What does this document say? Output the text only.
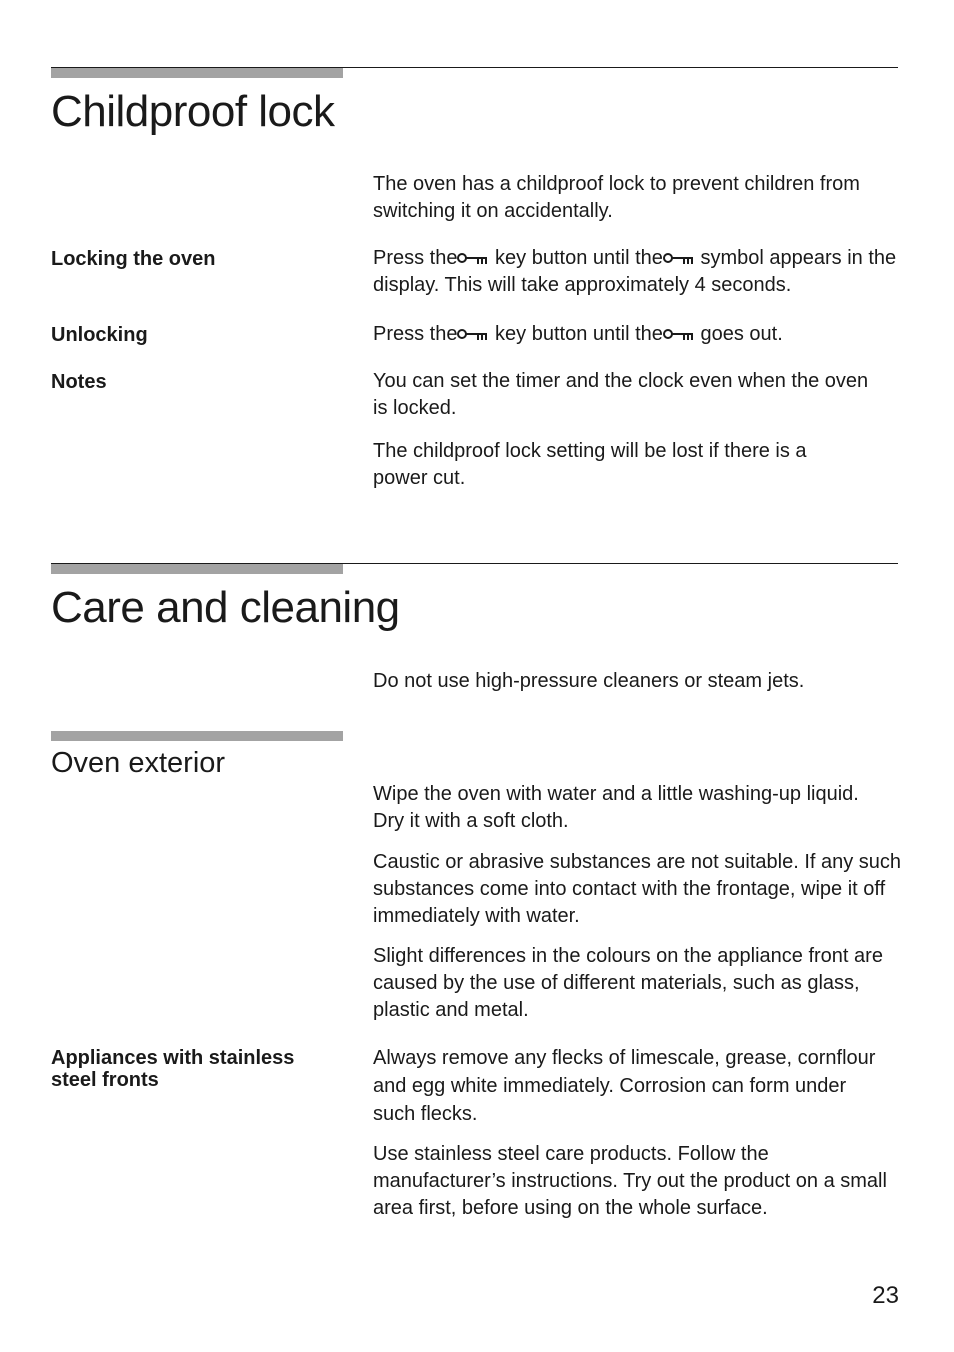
Childproof lock
The oven has a childproof lock to prevent children from switching it on accidentally.
Locking the oven	Press the key button until the symbol appears in the display. This will take approximately 4 seconds.
Unlocking	Press the key button until the goes out.
Notes	You can set the timer and the clock even when the oven is locked.
The childproof lock setting will be lost if there is a power cut.
Care and cleaning
Do not use high-pressure cleaners or steam jets.
Oven exterior
Wipe the oven with water and a little washing-up liquid. Dry it with a soft cloth.
Caustic or abrasive substances are not suitable. If any such substances come into contact with the frontage, wipe it off immediately with water.
Slight differences in the colours on the appliance front are caused by the use of different materials, such as glass, plastic and metal.
Appliances with stainless steel fronts
Always remove any flecks of limescale, grease, cornflour and egg white immediately. Corrosion can form under such flecks.
Use stainless steel care products. Follow the manufacturer’s instructions. Try out the product on a small area first, before using on the whole surface.
23
